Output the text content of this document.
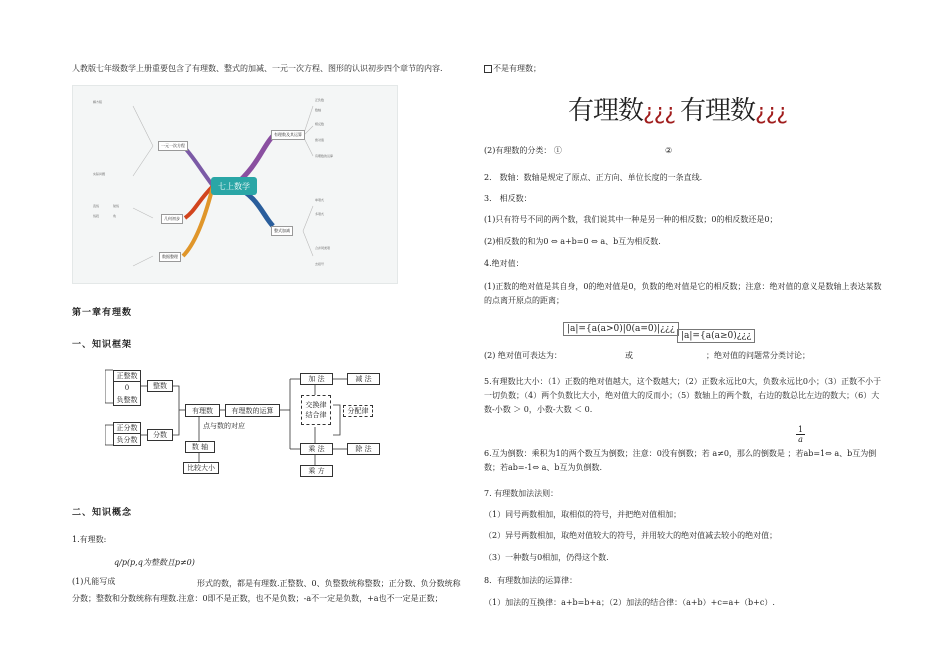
人教版七年级数学上册重要包含了有理数、整式的加减、一元一次方程、图形的认识初步四个章节的内容.
七上数学
有理数及其运算
整式加减
一元一次方程
几何初步
数据整理
正负数
数轴
相反数
绝对值
有理数的运算
单项式
多项式
合并同类项
去括号
解方程
实际问题
直线	射线
线段	角
第一章有理数
一、知识框架
正整数
0
负整数
整数
正分数
负分数
分数
有理数	有理数的运算
点与数的对应
数 轴
比较大小
加 法	减 法
交换律
结合律	分配律
乘 法	除 法
乘 方
二、知识概念
1.有理数:
q/p(p,q为整数且p≠0)
(1)凡能写成	形式的数，都是有理数.正整数、0、负整数统称整数；正分数、负分数统称分数；整数和分数统称有理数.注意：0即不是正数，也不是负数；-a不一定是负数，+a也不一定是正数；
不是有理数；
有理数¿¿¿ 有理数¿¿¿
(2)有理数的分类： ①	②
2． 数轴：数轴是规定了原点、正方向、单位长度的一条直线.
3． 相反数：
(1)只有符号不同的两个数，我们说其中一种是另一种的相反数；0的相反数还是0；
(2)相反数的和为0 ⇔ a+b=0 ⇔ a、b互为相反数.
4.绝对值：
(1)正数的绝对值是其自身，0的绝对值是0，负数的绝对值是它的相反数；注意：绝对值的意义是数轴上表达某数的点离开原点的距离；
|a|={a(a>0)|0(a=0)|¿¿¿
|a|={a(a≥0)¿¿¿
(2) 绝对值可表达为：	或	；绝对值的问题常分类讨论；
5.有理数比大小：（1）正数的绝对值越大，这个数越大；（2）正数永远比0大，负数永远比0小；（3）正数不小于一切负数；（4）两个负数比大小，绝对值大的反而小；（5）数轴上的两个数，右边的数总比左边的数大；（6）大数-小数 ＞ 0，小数-大数 ＜ 0.
$\frac{1}{a}$
6.互为倒数：乘积为1的两个数互为倒数；注意：0没有倒数；若 a≠0，那么的倒数是 ；若ab=1⇔ a、b互为倒数；若ab=-1⇔ a、b互为负倒数.
7. 有理数加法法则：
（1）同号两数相加，取相似的符号，并把绝对值相加；
（2）异号两数相加，取绝对值较大的符号，并用较大的绝对值减去较小的绝对值；
（3）一种数与0相加，仍得这个数.
8．有理数加法的运算律：
（1）加法的互换律：a+b=b+a；（2）加法的结合律：（a+b）+c=a+（b+c）.
